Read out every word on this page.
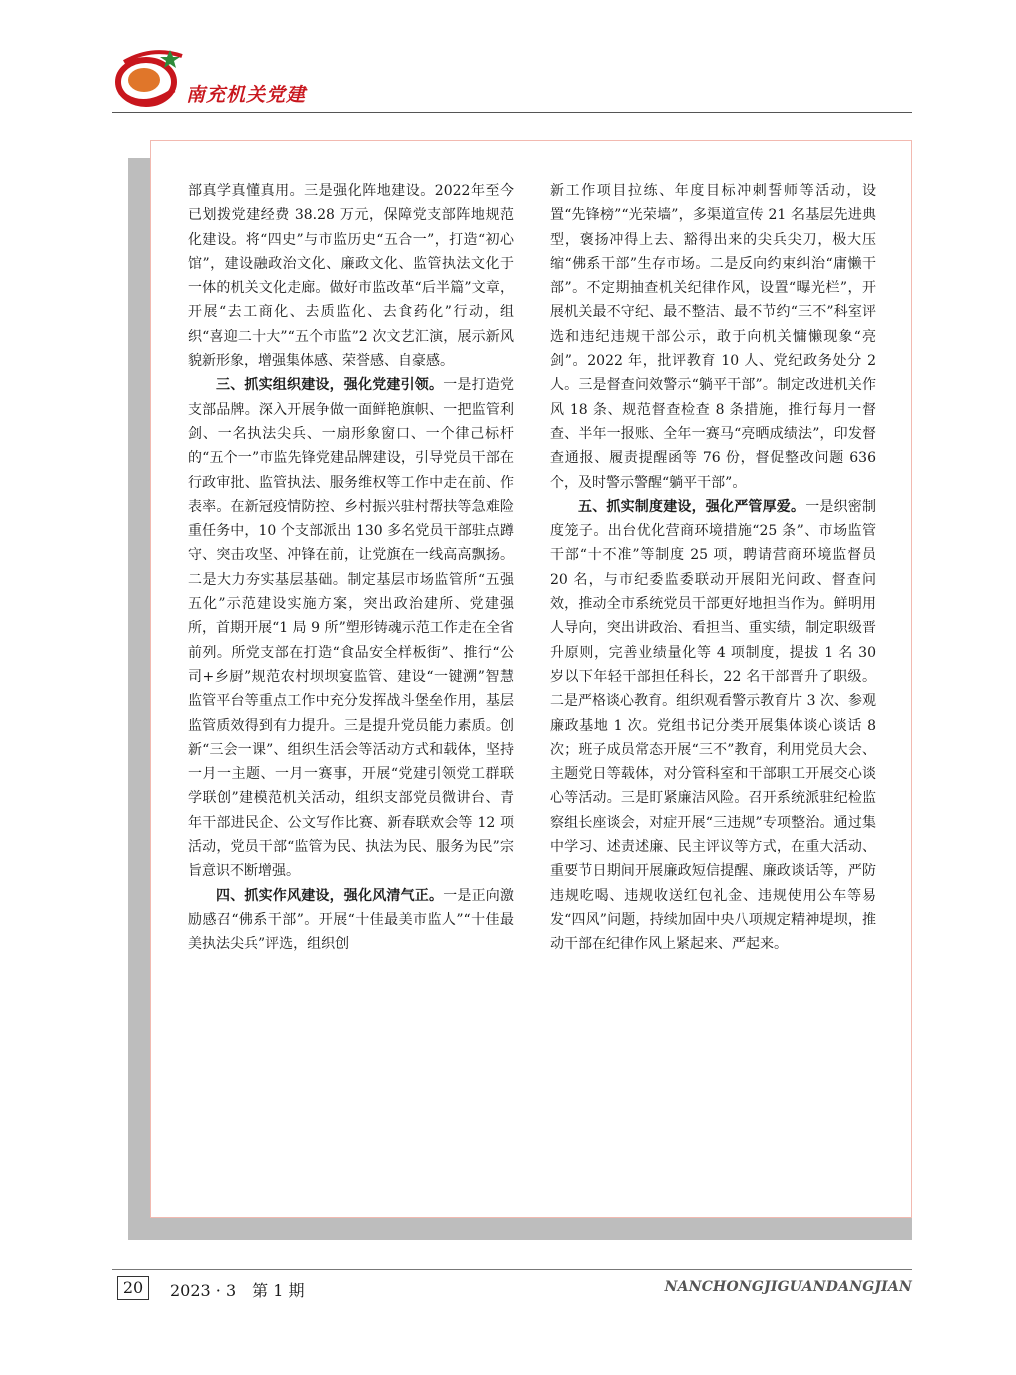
南充机关党建

部真学真懂真用。三是强化阵地建设。2022年至今已划拨党建经费 38.28 万元，保障党支部阵地规范化建设。将“四史”与市监历史“五合一”，打造“初心馆”，建设融政治文化、廉政文化、监管执法文化于一体的机关文化走廊。做好市监改革“后半篇”文章，开展“去工商化、去质监化、去食药化”行动，组织“喜迎二十大”“五个市监”2 次文艺汇演，展示新风貌新形象，增强集体感、荣誉感、自豪感。

三、抓实组织建设，强化党建引领。一是打造党支部品牌。深入开展争做一面鲜艳旗帜、一把监管利剑、一名执法尖兵、一扇形象窗口、一个律己标杆的“五个一”市监先锋党建品牌建设，引导党员干部在行政审批、监管执法、服务维权等工作中走在前、作表率。在新冠疫情防控、乡村振兴驻村帮扶等急难险重任务中，10 个支部派出 130 多名党员干部驻点蹲守、突击攻坚、冲锋在前，让党旗在一线高高飘扬。二是大力夯实基层基础。制定基层市场监管所“五强五化”示范建设实施方案，突出政治建所、党建强所，首期开展“1 局 9 所”塑形铸魂示范工作走在全省前列。所党支部在打造“食品安全样板街”、推行“公司+乡厨”规范农村坝坝宴监管、建设“一键溯”智慧监管平台等重点工作中充分发挥战斗堡垒作用，基层监管质效得到有力提升。三是提升党员能力素质。创新“三会一课”、组织生活会等活动方式和载体，坚持一月一主题、一月一赛事，开展“党建引领党工群联学联创”建模范机关活动，组织支部党员微讲台、青年干部进民企、公文写作比赛、新春联欢会等 12 项活动，党员干部“监管为民、执法为民、服务为民”宗旨意识不断增强。

四、抓实作风建设，强化风清气正。一是正向激励感召“佛系干部”。开展“十佳最美市监人”“十佳最美执法尖兵”评选，组织创

新工作项目拉练、年度目标冲刺誓师等活动，设置“先锋榜”“光荣墙”，多渠道宣传 21 名基层先进典型，褒扬冲得上去、豁得出来的尖兵尖刀，极大压缩“佛系干部”生存市场。二是反向约束纠治“庸懒干部”。不定期抽查机关纪律作风，设置“曝光栏”，开展机关最不守纪、最不整洁、最不节约“三不”科室评选和违纪违规干部公示，敢于向机关慵懒现象“亮剑”。2022 年，批评教育 10 人、党纪政务处分 2 人。三是督查问效警示“躺平干部”。制定改进机关作风 18 条、规范督查检查 8 条措施，推行每月一督查、半年一报账、全年一赛马“亮晒成绩法”，印发督查通报、履责提醒函等 76 份，督促整改问题 636 个，及时警示警醒“躺平干部”。

五、抓实制度建设，强化严管厚爱。一是织密制度笼子。出台优化营商环境措施“25 条”、市场监管干部“十不准”等制度 25 项，聘请营商环境监督员 20 名，与市纪委监委联动开展阳光问政、督查问效，推动全市系统党员干部更好地担当作为。鲜明用人导向，突出讲政治、看担当、重实绩，制定职级晋升原则，完善业绩量化等 4 项制度，提拔 1 名 30 岁以下年轻干部担任科长，22 名干部晋升了职级。二是严格谈心教育。组织观看警示教育片 3 次、参观廉政基地 1 次。党组书记分类开展集体谈心谈话 8 次；班子成员常态开展“三不”教育，利用党员大会、主题党日等载体，对分管科室和干部职工开展交心谈心等活动。三是盯紧廉洁风险。召开系统派驻纪检监察组长座谈会，对症开展“三违规”专项整治。通过集中学习、述责述廉、民主评议等方式，在重大活动、重要节日期间开展廉政短信提醒、廉政谈话等，严防违规吃喝、违规收送红包礼金、违规使用公车等易发“四风”问题，持续加固中央八项规定精神堤坝，推动干部在纪律作风上紧起来、严起来。

20	2023 · 3　第 1 期	NANCHONGJIGUANDANGJIAN
